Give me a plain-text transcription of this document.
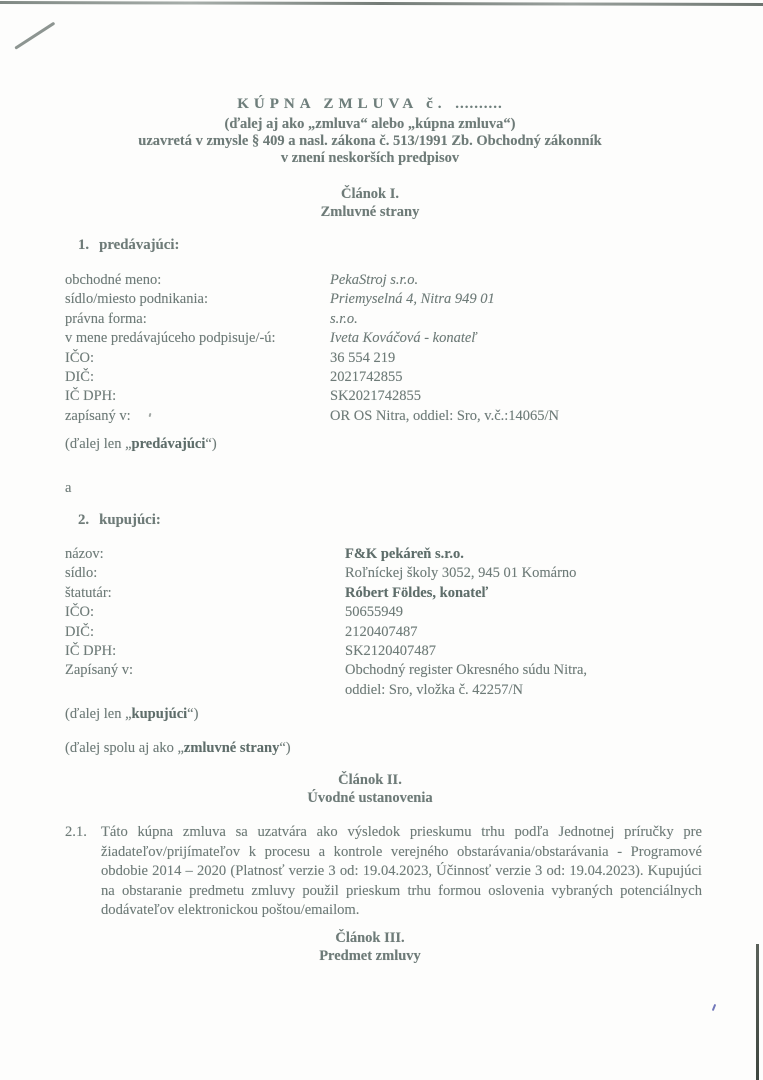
KÚPNA ZMLUVA č. ..........
(ďalej aj ako „zmluva“ alebo „kúpna zmluva“)
uzavretá v zmysle § 409 a nasl. zákona č. 513/1991 Zb. Obchodný zákonník
v znení neskorších predpisov
Článok I.
Zmluvné strany
1. predávajúci:
obchodné meno:	PekaStroj s.r.o.
sídlo/miesto podnikania:	Priemyselná 4, Nitra 949 01
právna forma:	s.r.o.
v mene predávajúceho podpisuje/-ú:	Iveta Kováčová - konateľ
IČO:	36 554 219
DIČ:	2021742855
IČ DPH:	SK2021742855
zapísaný v:	OR OS Nitra, oddiel: Sro, v.č.:14065/N
(ďalej len „predávajúci“)
a
2. kupujúci:
názov:	F&K pekáreň s.r.o.
sídlo:	Roľníckej školy 3052, 945 01 Komárno
štatutár:	Róbert Földes, konateľ
IČO:	50655949
DIČ:	2120407487
IČ DPH:	SK2120407487
Zapísaný v:	Obchodný register Okresného súdu Nitra,
oddiel: Sro, vložka č. 42257/N
(ďalej len „kupujúci“)
(ďalej spolu aj ako „zmluvné strany“)
Článok II.
Úvodné ustanovenia
2.1. Táto kúpna zmluva sa uzatvára ako výsledok prieskumu trhu podľa Jednotnej príručky pre žiadateľov/prijímateľov k procesu a kontrole verejného obstarávania/obstarávania - Programové obdobie 2014 – 2020 (Platnosť verzie 3 od: 19.04.2023, Účinnosť verzie 3 od: 19.04.2023). Kupujúci na obstaranie predmetu zmluvy použil prieskum trhu formou oslovenia vybraných potenciálnych dodávateľov elektronickou poštou/emailom.
Článok III.
Predmet zmluvy
